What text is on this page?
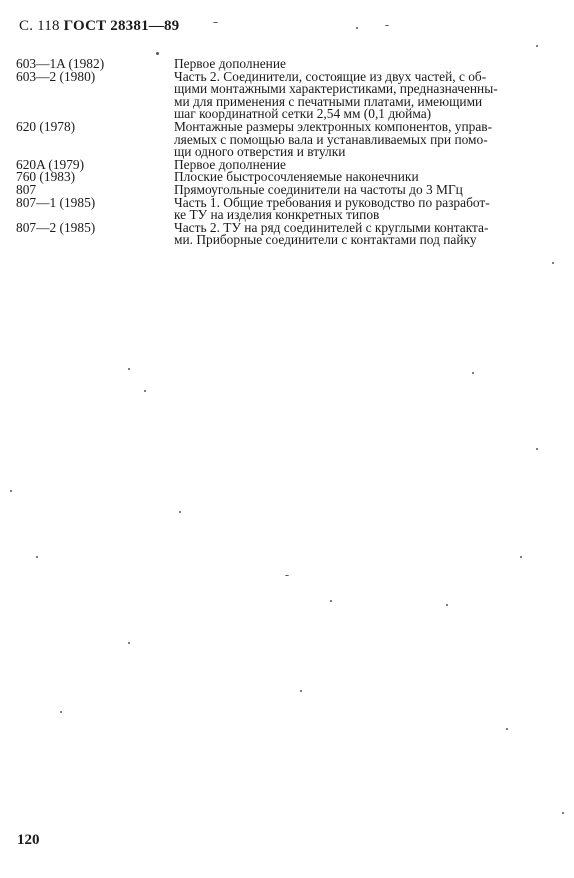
С. 118 ГОСТ 28381—89
603—1A (1982)	Первое дополнение
603—2 (1980)	Часть 2. Соединители, состоящие из двух частей, с об-
щими монтажными характеристиками, предназначенны-
ми для применения с печатными платами, имеющими
шаг координатной сетки 2,54 мм (0,1 дюйма)
620 (1978)	Монтажные размеры электронных компонентов, управ-
ляемых с помощью вала и устанавливаемых при помо-
щи одного отверстия и втулки
620A (1979)	Первое дополнение
760 (1983)	Плоские быстросочленяемые наконечники
807	Прямоугольные соединители на частоты до 3 МГц
807—1 (1985)	Часть 1. Общие требования и руководство по разработ-
ке ТУ на изделия конкретных типов
807—2 (1985)	Часть 2. ТУ на ряд соединителей с круглыми контакта-
ми. Приборные соединители с контактами под пайку
120
